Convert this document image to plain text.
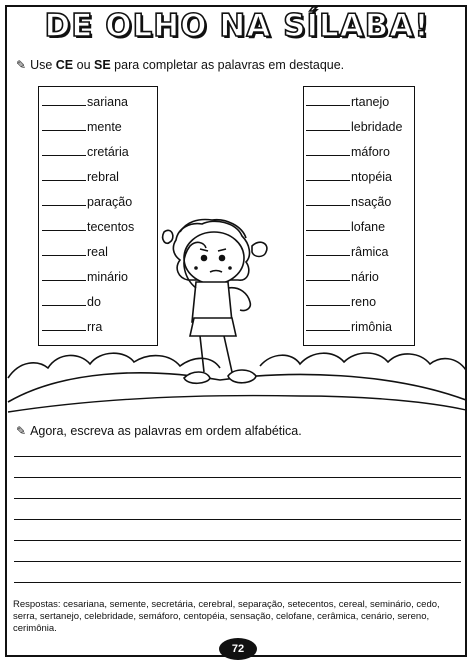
DE OLHO NA SÍLABA!
✎ Use CE ou SE para completar as palavras em destaque.
sariana
mente
cretária
rebral
paração
tecentos
real
minário
do
rra
rtanejo
lebridade
máforo
ntopéia
nsação
lofane
râmica
nário
reno
rimônia
✎ Agora, escreva as palavras em ordem alfabética.
Respostas: cesariana, semente, secretária, cerebral, separação, setecentos, cereal, seminário, cedo, serra, sertanejo, celebridade, semáforo, centopéia, sensação, celofane, cerâmica, cenário, sereno, cerimônia.
72
